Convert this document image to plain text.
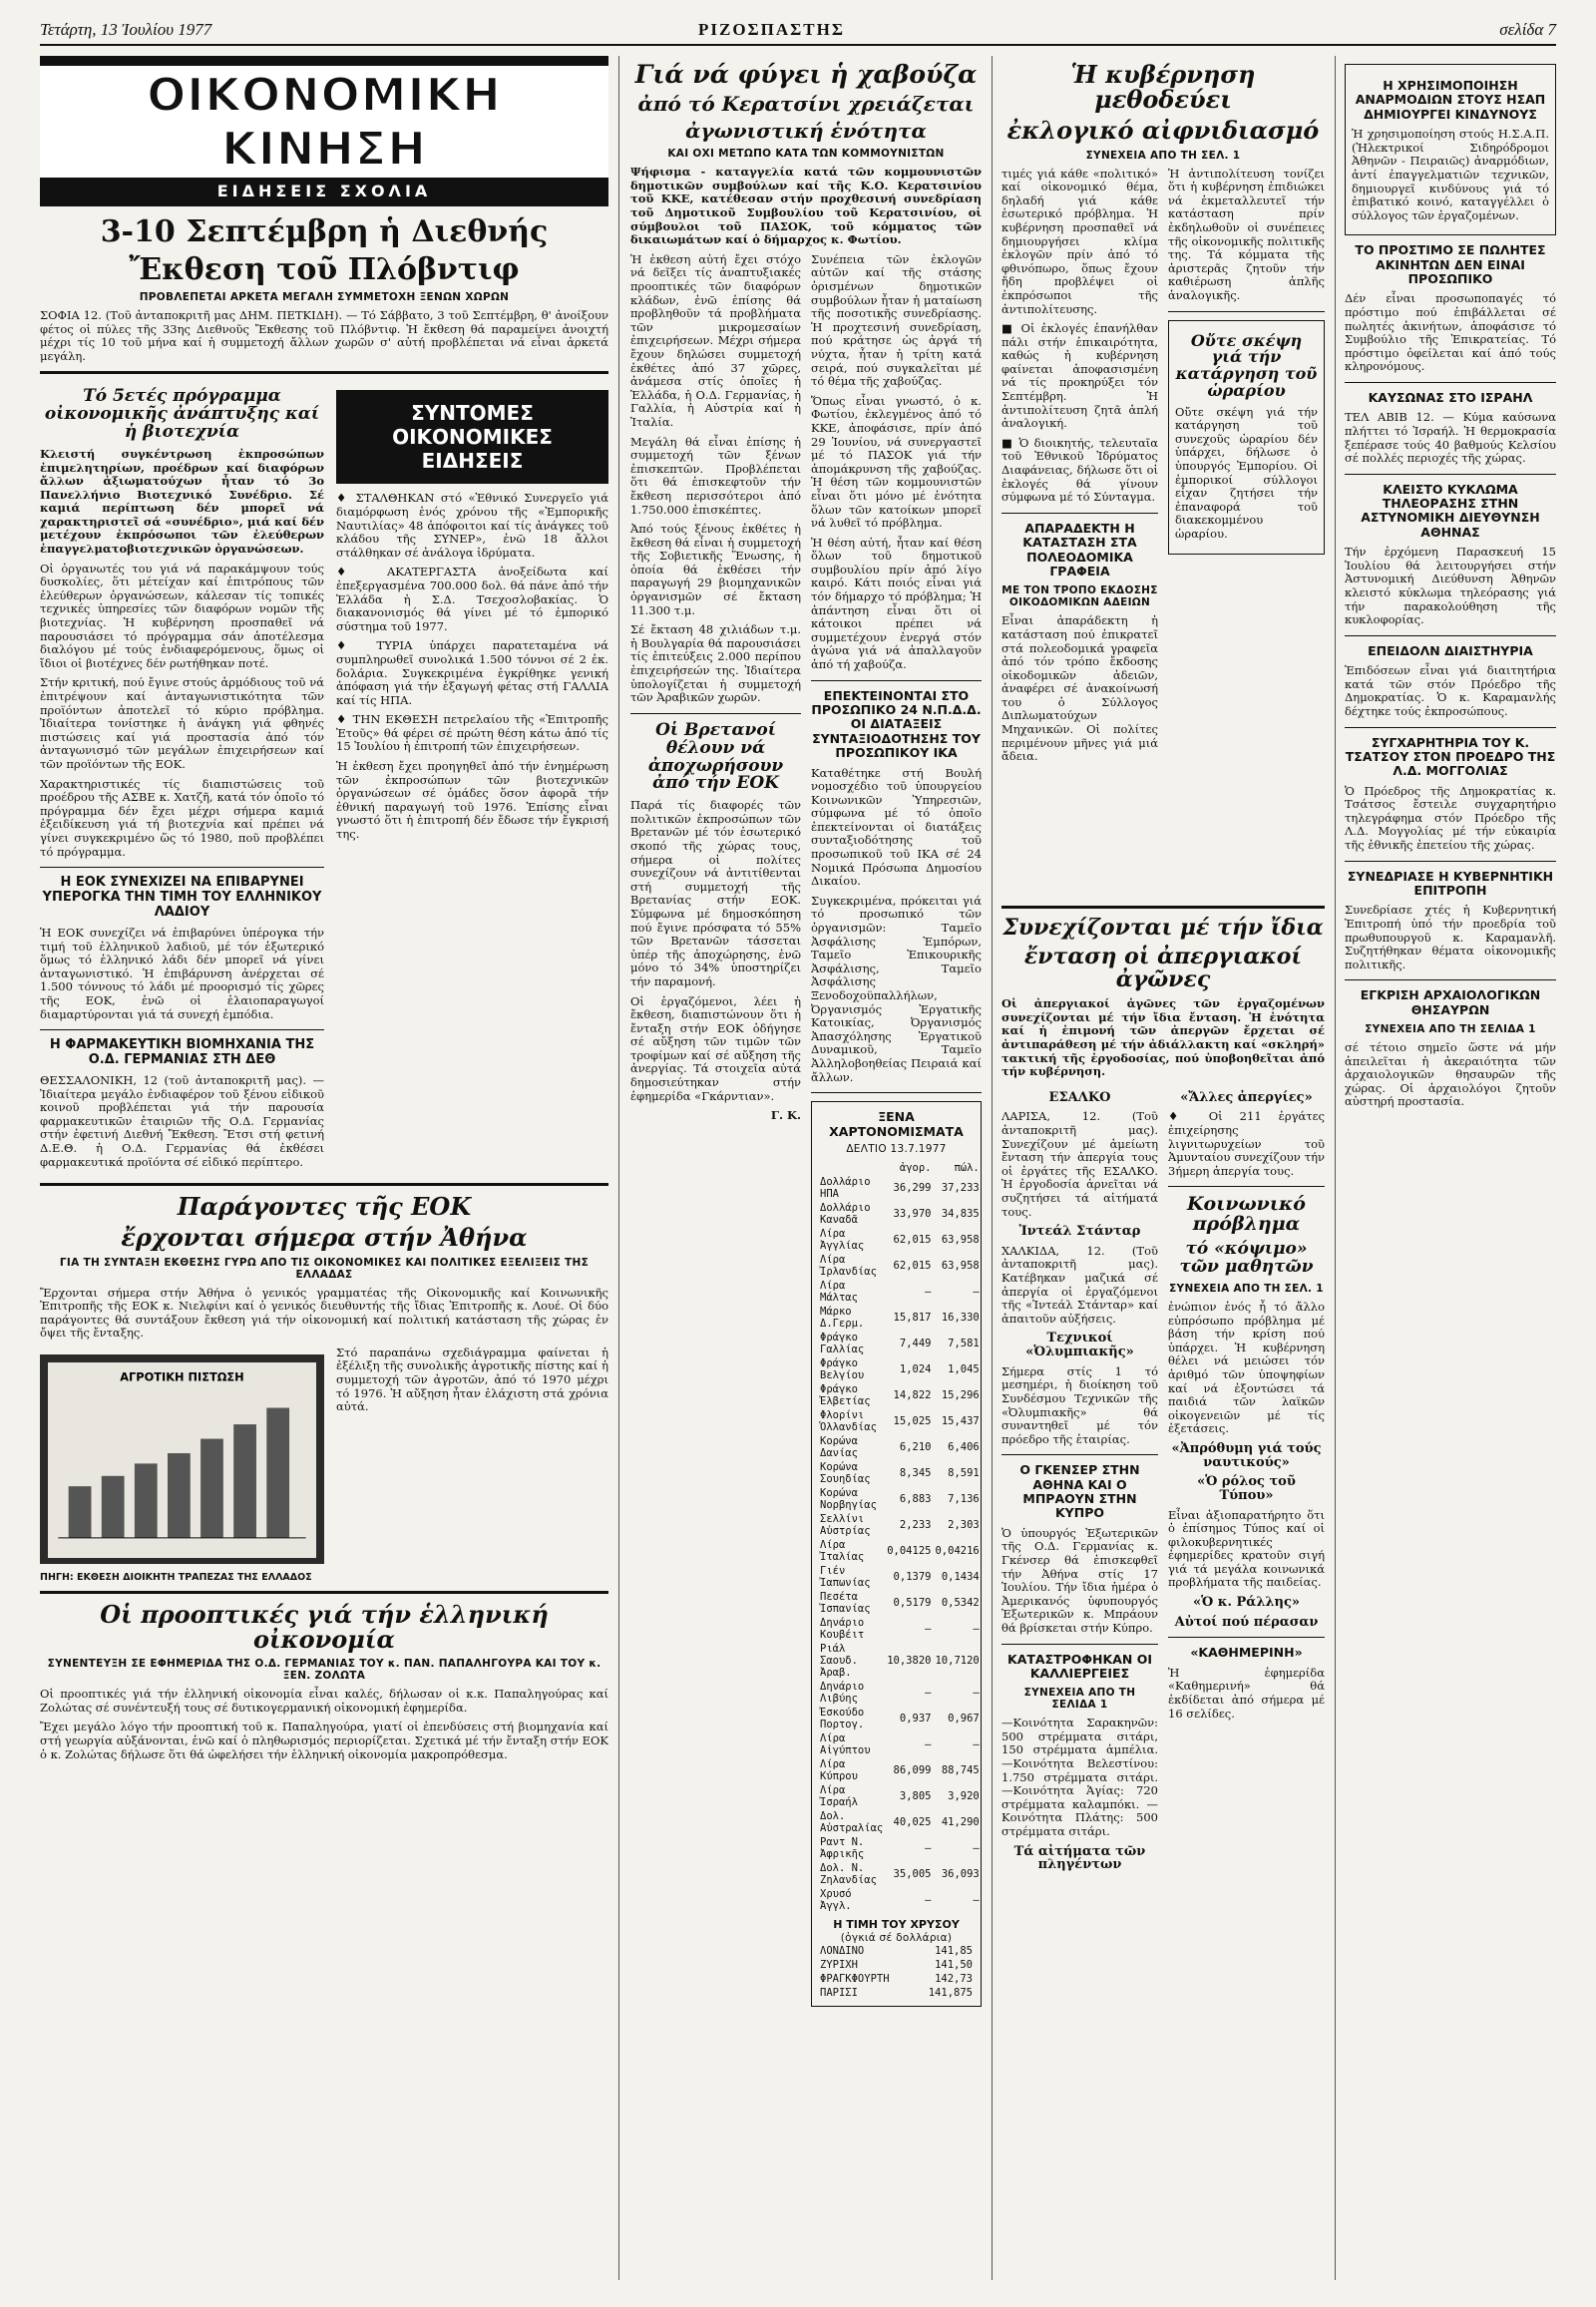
Τετάρτη, 13 Ἰουλίου 1977	ΡΙΖΟΣΠΑΣΤΗΣ	σελίδα 7
ΟΙΚΟΝΟΜΙΚΗ ΚΙΝΗΣΗ
ΕΙΔΗΣΕΙΣ ΣΧΟΛΙΑ
3-10 Σεπτέμβρη ἡ Διεθνής
Ἔκθεση τοῦ Πλόβντιφ
ΠΡΟΒΛΕΠΕΤΑΙ ΑΡΚΕΤΑ ΜΕΓΑΛΗ ΣΥΜΜΕΤΟΧΗ ΞΕΝΩΝ ΧΩΡΩΝ

ΣΟΦΙΑ 12. (Τοῦ ἀνταποκριτῆ μας ΔΗΜ. ΠΕΤΚΙΔΗ). — Τό Σάββατο, 3 τοῦ Σεπτέμβρη, θ' ἀνοίξουν φέτος οἱ πύλες τῆς 33ης Διεθνοῦς Ἔκθεσης τοῦ Πλόβντιφ. Ἡ ἔκθεση θά παραμείνει ἀνοιχτή μέχρι τίς 10 τοῦ μήνα καί ἡ συμμετοχή ἄλλων χωρῶν σ' αὐτή προβλέπεται νά εἶναι ἀρκετά μεγάλη.

Τό 5ετές πρόγραμμα οἰκονομικῆς ἀνάπτυξης καί ἡ βιοτεχνία

Κλειστή συγκέντρωση ἐκπροσώπων ἐπιμελητηρίων, προέδρων καί διαφόρων ἄλλων ἀξιωματούχων ἦταν τό 3ο Πανελλήνιο Βιοτεχνικό Συνέδριο. Σέ καμιά περίπτωση δέν μπορεῖ νά χαρακτηριστεῖ σά «συνέδριο», μιά καί δέν μετέχουν ἐκπρόσωποι τῶν ἐλεύθερων ἐπαγγελματοβιοτεχνικῶν ὀργανώσεων.

Οἱ ὀργανωτές του γιά νά παρακάμψουν τούς δυσκολίες, ὅτι μέτείχαν καί ἐπιτρόπους τῶν ἐλεύθερων ὀργανώσεων, κάλεσαν τίς τοπικές τεχνικές ὑπηρεσίες τῶν διαφόρων νομῶν τῆς βιοτεχνίας. Ἡ κυβέρνηση προσπαθεῖ νά παρουσιάσει τό πρόγραμμα σάν ἀποτέλεσμα διαλόγου μέ τούς ἐνδιαφερόμενους, ὅμως οἱ ἴδιοι οἱ βιοτέχνες δέν ρωτήθηκαν ποτέ.

Στήν κριτική, πού ἔγινε στούς ἀρμόδιους τοῦ νά ἐπιτρέψουν καί ἀνταγωνιστικότητα τῶν προϊόντων ἀποτελεῖ τό κύριο πρόβλημα. Ἰδιαίτερα τονίστηκε ἡ ἀνάγκη γιά φθηνές πιστώσεις καί γιά προστασία ἀπό τόν ἀνταγωνισμό τῶν μεγάλων ἐπιχειρήσεων καί τῶν προϊόντων τῆς ΕΟΚ.

Χαρακτηριστικές τίς διαπιστώσεις τοῦ προέδρου τῆς ΑΣΒΕ κ. Χατζῆ, κατά τόν ὁποῖο τό πρόγραμμα δέν ἔχει μέχρι σήμερα καμιά ἐξειδίκευση γιά τή βιοτεχνία καί πρέπει νά γίνει συγκεκριμένο ὥς τό 1980, ποῦ προβλέπει τό πρόγραμμα.

Η ΕΟΚ ΣΥΝΕΧΙΖΕΙ ΝΑ ΕΠΙΒΑΡΥΝΕΙ ΥΠΕΡΟΓΚΑ ΤΗΝ ΤΙΜΗ ΤΟΥ ΕΛΛΗΝΙΚΟΥ ΛΑΔΙΟΥ

Ἡ ΕΟΚ συνεχίζει νά ἐπιβαρύνει ὑπέρογκα τήν τιμή τοῦ ἐλληνικοῦ λαδιοῦ, μέ τόν ἐξωτερικό ὅμως τό ἐλληνικό λάδι δέν μπορεῖ νά γίνει ἀνταγωνιστικό. Ἡ ἐπιβάρυνση ἀνέρχεται σέ 1.500 τόννους τό λάδι μέ προορισμό τίς χῶρες τῆς ΕΟΚ, ἐνῶ οἱ ἐλαιοπαραγωγοί διαμαρτύρονται γιά τά συνεχή ἐμπόδια.

Η ΦΑΡΜΑΚΕΥΤΙΚΗ ΒΙΟΜΗΧΑΝΙΑ ΤΗΣ Ο.Δ. ΓΕΡΜΑΝΙΑΣ ΣΤΗ ΔΕΘ

ΘΕΣΣΑΛΟΝΙΚΗ, 12 (τοῦ ἀνταποκριτῆ μας). — Ἰδιαίτερα μεγάλο ἐνδιαφέρον τοῦ ξένου εἰδικοῦ κοινοῦ προβλέπεται γιά τήν παρουσία φαρμακευτικῶν ἐταιριῶν τῆς Ο.Δ. Γερμανίας στήν ἐφετινή Διεθνή Ἔκθεση. Ἔτσι στή φετινή Δ.Ε.Θ. ἡ Ο.Δ. Γερμανίας θά ἐκθέσει φαρμακευτικά προϊόντα σέ εἰδικό περίπτερο.

ΣΥΝΤΟΜΕΣ ΟΙΚΟΝΟΜΙΚΕΣ ΕΙΔΗΣΕΙΣ

♦ ΣΤΑΛΘΗΚΑΝ στό «Ἐθνικό Συνεργεῖο γιά διαμόρφωση ἑνός χρόνου τῆς «Ἐμπορικῆς Ναυτιλίας» 48 ἀπόφοιτοι καί τίς ἀνάγκες τοῦ κλάδου τῆς ΣΥΝΕΡ», ἐνῶ 18 ἄλλοι στάλθηκαν σέ ἀνάλογα ἰδρύματα.

♦ ΑΚΑΤΕΡΓΑΣΤΑ ἀνοξείδωτα καί ἐπεξεργασμένα 700.000 δολ. θά πάνε ἀπό τήν Ἑλλάδα ἡ Σ.Δ. Τσεχοσλοβακίας. Ὁ διακανονισμός θά γίνει μέ τό ἐμπορικό σύστημα τοῦ 1977.

♦ ΤΥΡΙΑ ὑπάρχει παρατεταμένα νά συμπληρωθεῖ συνολικά 1.500 τόννοι σέ 2 ἐκ. δολάρια. Συγκεκριμένα ἐγκρίθηκε γενική ἀπόφαση γιά τήν ἐξαγωγή φέτας στή ΓΑΛΛΙΑ καί τίς ΗΠΑ.

♦ ΤΗΝ ΕΚΘΕΣΗ πετρελαίου τῆς «Ἐπιτροπῆς Ἐτοῦς» θά φέρει σέ πρώτη θέση κάτω ἀπό τίς 15 Ἰουλίου ἡ ἐπιτροπή τῶν ἐπιχειρήσεων.

Ἡ ἐκθεση ἔχει προηγηθεῖ ἀπό τήν ἐνημέρωση τῶν ἐκπροσώπων τῶν βιοτεχνικῶν ὀργανώσεων σέ ὁμάδες ὅσον ἀφορᾶ τήν ἐθνική παραγωγή τοῦ 1976. Ἐπίσης εἶναι γνωστό ὅτι ἡ ἐπιτροπή δέν ἔδωσε τήν ἔγκρισή της.

Παράγοντες τῆς ΕΟΚ
ἔρχονται σήμερα στήν Ἀθήνα
ΓΙΑ ΤΗ ΣΥΝΤΑΞΗ ΕΚΘΕΣΗΣ ΓΥΡΩ ΑΠΟ ΤΙΣ ΟΙΚΟΝΟΜΙΚΕΣ ΚΑΙ ΠΟΛΙΤΙΚΕΣ ΕΞΕΛΙΞΕΙΣ ΤΗΣ ΕΛΛΑΔΑΣ

Ἔρχονται σήμερα στήν Ἀθήνα ὁ γενικός γραμματέας τῆς Οἰκονομικῆς καί Κοινωνικῆς Ἐπιτροπῆς τῆς ΕΟΚ κ. Νιελφίνι καί ὁ γενικός διευθυντής τῆς ἴδιας Ἐπιτροπῆς κ. Λουέ. Οἱ δύο παράγοντες θά συντάξουν ἔκθεση γιά τήν οἰκονομική καί πολιτική κατάσταση τῆς χώρας ἐν ὄψει τῆς ἔνταξης.

ΑΓΡΟΤΙΚΗ ΠΙΣΤΩΣΗ
ΠΗΓΗ: ΕΚΘΕΣΗ ΔΙΟΙΚΗΤΗ ΤΡΑΠΕΖΑΣ ΤΗΣ ΕΛΛΑΔΟΣ

Στό παραπάνω σχεδιάγραμμα φαίνεται ἡ ἐξέλιξη τῆς συνολικῆς ἀγροτικῆς πίστης καί ἡ συμμετοχή τῶν ἀγροτῶν, ἀπό τό 1970 μέχρι τό 1976. Ἡ αὔξηση ἦταν ἐλάχιστη στά χρόνια αὐτά.

Οἱ προοπτικές γιά τήν ἑλληνική οἰκονομία
ΣΥΝΕΝΤΕΥΞΗ ΣΕ ΕΦΗΜΕΡΙΔΑ ΤΗΣ Ο.Δ. ΓΕΡΜΑΝΙΑΣ ΤΟΥ κ. ΠΑΝ. ΠΑΠΑΛΗΓΟΥΡΑ ΚΑΙ ΤΟΥ κ. ΞΕΝ. ΖΟΛΩΤΑ

Οἱ προοπτικές γιά τήν ἑλληνική οἰκονομία εἶναι καλές, δήλωσαν οἱ κ.κ. Παπαληγούρας καί Ζολώτας σέ συνέντευξή τους σέ δυτικογερμανική οἰκονομική ἐφημερίδα.

Ἔχει μεγάλο λόγο τήν προοπτική τοῦ κ. Παπαληγούρα, γιατί οἱ ἐπενδύσεις στή βιομηχανία καί στή γεωργία αὐξάνονται, ἐνῶ καί ὁ πληθωρισμός περιορίζεται. Σχετικά μέ τήν ἔνταξη στήν ΕΟΚ ὁ κ. Ζολώτας δήλωσε ὅτι θά ὠφελήσει τήν ἑλληνική οἰκονομία μακροπρόθεσμα.

Γιά νά φύγει ἡ χαβούζα
ἀπό τό Κερατσίνι χρειάζεται
ἀγωνιστική ἑνότητα
ΚΑΙ ΟΧΙ ΜΕΤΩΠΟ ΚΑΤΑ ΤΩΝ ΚΟΜΜΟΥΝΙΣΤΩΝ

Ψήφισμα - καταγγελία κατά τῶν κομμουνιστῶν δημοτικῶν συμβούλων καί τῆς Κ.Ο. Κερατσινίου τοῦ ΚΚΕ, κατέθεσαν στήν προχθεσινή συνεδρίαση τοῦ Δημοτικοῦ Συμβουλίου τοῦ Κερατσινίου, οἱ σύμβουλοι τοῦ ΠΑΣΟΚ, τοῦ κόμματος τῶν δικαιωμάτων καί ὁ δήμαρχος κ. Φωτίου.

Ἡ ἐκθεση αὐτή ἔχει στόχο νά δεῖξει τίς ἀναπτυξιακές προοπτικές τῶν διαφόρων κλάδων, ἐνῶ ἐπίσης θά προβληθοῦν τά προβλήματα τῶν μικρομεσαίων ἐπιχειρήσεων. Μέχρι σήμερα ἔχουν δηλώσει συμμετοχή ἐκθέτες ἀπό 37 χῶρες, ἀνάμεσα στίς ὁποῖες ἡ Ἑλλάδα, ἡ Ο.Δ. Γερμανίας, ἡ Γαλλία, ἡ Αὐστρία καί ἡ Ἰταλία.

Μεγάλη θά εἶναι ἐπίσης ἡ συμμετοχή τῶν ξένων ἐπισκεπτῶν. Προβλέπεται ὅτι θά ἐπισκεφτοῦν τήν ἔκθεση περισσότεροι ἀπό 1.750.000 ἐπισκέπτες.

Ἀπό τούς ξένους ἐκθέτες ἡ ἔκθεση θά εἶναι ἡ συμμετοχή τῆς Σοβιετικῆς Ἕνωσης, ἡ ὁποία θά ἐκθέσει τήν παραγωγή 29 βιομηχανικῶν ὀργανισμῶν σέ ἔκταση 11.300 τ.μ.

Σέ ἔκταση 48 χιλιάδων τ.μ. ἡ Βουλγαρία θά παρουσιάσει τίς ἐπιτεύξεις 2.000 περίπου ἐπιχειρήσεών της. Ἰδιαίτερα ὑπολογίζεται ἡ συμμετοχή τῶν Ἀραβικῶν χωρῶν.

Οἱ Βρετανοί θέλουν νά ἀποχωρήσουν ἀπό τήν ΕΟΚ

Παρά τίς διαφορές τῶν πολιτικῶν ἐκπροσώπων τῶν Βρετανῶν μέ τόν ἐσωτερικό σκοπό τῆς χώρας τους, σήμερα οἱ πολίτες συνεχίζουν νά ἀντιτίθενται στή συμμετοχή τῆς Βρετανίας στήν ΕΟΚ. Σύμφωνα μέ δημοσκόπηση πού ἔγινε πρόσφατα τό 55% τῶν Βρετανῶν τάσσεται ὑπέρ τῆς ἀποχώρησης, ἐνῶ μόνο τό 34% ὑποστηρίζει τήν παραμονή.

Οἱ ἐργαζόμενοι, λέει ἡ ἔκθεση, διαπιστώνουν ὅτι ἡ ἔνταξη στήν ΕΟΚ ὁδήγησε σέ αὔξηση τῶν τιμῶν τῶν τροφίμων καί σέ αὔξηση τῆς ἀνεργίας. Τά στοιχεῖα αὐτά δημοσιεύτηκαν στήν ἐφημερίδα «Γκάρντιαν».

Γ. Κ.

Συνέπεια τῶν ἐκλογῶν αὐτῶν καί τῆς στάσης ὁρισμένων δημοτικῶν συμβούλων ἦταν ἡ ματαίωση τῆς ποσοτικῆς συνεδρίασης. Ἡ προχτεσινή συνεδρίαση, πού κράτησε ὡς ἀργά τή νύχτα, ἦταν ἡ τρίτη κατά σειρά, πού συγκαλεῖται μέ τό θέμα τῆς χαβούζας.

Ὅπως εἶναι γνωστό, ὁ κ. Φωτίου, ἐκλεγμένος ἀπό τό ΚΚΕ, ἀποφάσισε, πρίν ἀπό 29 Ἰουνίου, νά συνεργαστεῖ μέ τό ΠΑΣΟΚ γιά τήν ἀπομάκρυνση τῆς χαβούζας. Ἡ θέση τῶν κομμουνιστῶν εἶναι ὅτι μόνο μέ ἑνότητα ὅλων τῶν κατοίκων μπορεῖ νά λυθεῖ τό πρόβλημα.

Ἡ θέση αὐτή, ἦταν καί θέση ὅλων τοῦ δημοτικοῦ συμβουλίου πρίν ἀπό λίγο καιρό. Κάτι ποιός εἶναι γιά τόν δήμαρχο τό πρόβλημα; Ἡ ἀπάντηση εἶναι ὅτι οἱ κάτοικοι πρέπει νά συμμετέχουν ἐνεργά στόν ἀγώνα γιά νά ἀπαλλαγοῦν ἀπό τή χαβούζα.

ΕΠΕΚΤΕΙΝΟΝΤΑΙ ΣΤΟ ΠΡΟΣΩΠΙΚΟ 24 Ν.Π.Δ.Δ. ΟΙ ΔΙΑΤΑΞΕΙΣ ΣΥΝΤΑΞΙΟΔΟΤΗΣΗΣ ΤΟΥ ΠΡΟΣΩΠΙΚΟΥ ΙΚΑ

Καταθέτηκε στή Βουλή νομοσχέδιο τοῦ ὑπουργείου Κοινωνικῶν Ὑπηρεσιῶν, σύμφωνα μέ τό ὁποῖο ἐπεκτείνονται οἱ διατάξεις συνταξιοδότησης τοῦ προσωπικοῦ τοῦ ΙΚΑ σέ 24 Νομικά Πρόσωπα Δημοσίου Δικαίου.

Συγκεκριμένα, πρόκειται γιά τό προσωπικό τῶν ὀργανισμῶν: Ταμεῖο Ἀσφάλισης Ἐμπόρων, Ταμεῖο Ἐπικουρικῆς Ἀσφάλισης, Ταμεῖο Ἀσφάλισης Ξενοδοχοϋπαλλήλων, Ὀργανισμός Ἐργατικῆς Κατοικίας, Ὀργανισμός Ἀπασχόλησης Ἐργατικοῦ Δυναμικοῦ, Ταμεῖο Ἀλληλοβοηθείας Πειραιά καί ἄλλων.

ΞΕΝΑ ΧΑΡΤΟΝΟΜΙΣΜΑΤΑ
ΔΕΛΤΙΟ 13.7.1977
	ἀγορ.	πώλ.
Δολλάριο ΗΠΑ	36,299	37,233
Δολλάριο Καναδᾶ	33,970	34,835
Λίρα Ἀγγλίας	62,015	63,958
Λίρα Ἰρλανδίας	62,015	63,958
Λίρα Μάλτας	—	—
Μάρκο Δ.Γερμ.	15,817	16,330
Φράγκο Γαλλίας	7,449	7,581
Φράγκο Βελγίου	1,024	1,045
Φράγκο Ἑλβετίας	14,822	15,296
Φλορίνι Ὁλλανδίας	15,025	15,437
Κορώνα Δανίας	6,210	6,406
Κορώνα Σουηδίας	8,345	8,591
Κορώνα Νορβηγίας	6,883	7,136
Σελλίνι Αὐστρίας	2,233	2,303
Λίρα Ἰταλίας	0,04125	0,04216
Γιέν Ἰαπωνίας	0,1379	0,1434
Πεσέτα Ἱσπανίας	0,5179	0,5342
Δηνάριο Κουβέιτ	—	—
Ριάλ Σαουδ. Ἀραβ.	10,3820	10,7120
Δηνάριο Λιβύης	—	—
Ἐσκούδο Πορτογ.	0,937	0,967
Λίρα Αἰγύπτου	—	—
Λίρα Κύπρου	86,099	88,745
Λίρα Ἰσραήλ	3,805	3,920
Δολ. Αὐστραλίας	40,025	41,290
Ραντ Ν. Ἀφρικῆς	—	—
Δολ. Ν. Ζηλανδίας	35,005	36,093
Χρυσό Ἀγγλ.	—	—
Η ΤΙΜΗ ΤΟΥ ΧΡΥΣΟΥ
(ὀγκιά σέ δολλάρια)
ΛΟΝΔΙΝΟ	141,85
ΖΥΡΙΧΗ	141,50
ΦΡΑΓΚΦΟΥΡΤΗ	142,73
ΠΑΡΙΣΙ	141,875
Ἡ κυβέρνηση μεθοδεύει
ἐκλογικό αἰφνιδιασμό
ΣΥΝΕΧΕΙΑ ΑΠΟ ΤΗ ΣΕΛ. 1

τιμές γιά κάθε «πολιτικό» καί οἰκονομικό θέμα, δηλαδή γιά κάθε ἐσωτερικό πρόβλημα. Ἡ κυβέρνηση προσπαθεῖ νά δημιουργήσει κλίμα ἐκλογῶν πρίν ἀπό τό φθινόπωρο, ὅπως ἔχουν ἤδη προβλέψει οἱ ἐκπρόσωποι τῆς ἀντιπολίτευσης.

■ Οἱ ἐκλογές ἐπανήλθαν πάλι στήν ἐπικαιρότητα, καθώς ἡ κυβέρνηση φαίνεται ἀποφασισμένη νά τίς προκηρύξει τόν Σεπτέμβρη. Ἡ ἀντιπολίτευση ζητᾶ ἁπλή ἀναλογική.

■ Ὁ διοικητής, τελευταῖα τοῦ Ἐθνικοῦ Ἰδρύματος Διαφάνειας, δήλωσε ὅτι οἱ ἐκλογές θά γίνουν σύμφωνα μέ τό Σύνταγμα.

ΑΠΑΡΑΔΕΚΤΗ Η ΚΑΤΑΣΤΑΣΗ ΣΤΑ ΠΟΛΕΟΔΟΜΙΚΑ ΓΡΑΦΕΙΑ
ΜΕ ΤΟΝ ΤΡΟΠΟ ΕΚΔΟΣΗΣ ΟΙΚΟΔΟΜΙΚΩΝ ΑΔΕΙΩΝ

Εἶναι ἀπαράδεκτη ἡ κατάσταση πού ἐπικρατεῖ στά πολεοδομικά γραφεῖα ἀπό τόν τρόπο ἔκδοσης οἰκοδομικῶν ἀδειῶν, ἀναφέρει σέ ἀνακοίνωσή του ὁ Σύλλογος Διπλωματούχων Μηχανικῶν. Οἱ πολίτες περιμένουν μῆνες γιά μιά ἄδεια.

Ἡ ἀντιπολίτευση τονίζει ὅτι ἡ κυβέρνηση ἐπιδιώκει νά ἐκμεταλλευτεῖ τήν κατάσταση πρίν ἐκδηλωθοῦν οἱ συνέπειες τῆς οἰκονομικῆς πολιτικῆς της. Τά κόμματα τῆς ἀριστερᾶς ζητοῦν τήν καθιέρωση ἁπλῆς ἀναλογικῆς.

Οὔτε σκέψη γιά τήν κατάργηση τοῦ ὡραρίου

Οὔτε σκέψη γιά τήν κατάργηση τοῦ συνεχοῦς ὡραρίου δέν ὑπάρχει, δήλωσε ὁ ὑπουργός Ἐμπορίου. Οἱ ἐμπορικοί σύλλογοι εἶχαν ζητήσει τήν ἐπαναφορά τοῦ διακεκομμένου ὡραρίου.

Η ΧΡΗΣΙΜΟΠΟΙΗΣΗ ΑΝΑΡΜΟΔΙΩΝ ΣΤΟΥΣ ΗΣΑΠ ΔΗΜΙΟΥΡΓΕΙ ΚΙΝΔΥΝΟΥΣ

Ἡ χρησιμοποίηση στούς Η.Σ.Α.Π. (Ἠλεκτρικοί Σιδηρόδρομοι Ἀθηνῶν - Πειραιῶς) ἀναρμόδιων, ἀντί ἐπαγγελματιῶν τεχνικῶν, δημιουργεῖ κινδύνους γιά τό ἐπιβατικό κοινό, καταγγέλλει ὁ σύλλογος τῶν ἐργαζομένων.

ΤΟ ΠΡΟΣΤΙΜΟ ΣΕ ΠΩΛΗΤΕΣ ΑΚΙΝΗΤΩΝ ΔΕΝ ΕΙΝΑΙ ΠΡΟΣΩΠΙΚΟ

Δέν εἶναι προσωποπαγές τό πρόστιμο πού ἐπιβάλλεται σέ πωλητές ἀκινήτων, ἀποφάσισε τό Συμβούλιο τῆς Ἐπικρατείας. Τό πρόστιμο ὀφείλεται καί ἀπό τούς κληρονόμους.

ΚΑΥΣΩΝΑΣ ΣΤΟ ΙΣΡΑΗΛ

ΤΕΛ ΑΒΙΒ 12. — Κύμα καύσωνα πλήττει τό Ἰσραήλ. Ἡ θερμοκρασία ξεπέρασε τούς 40 βαθμούς Κελσίου σέ πολλές περιοχές τῆς χώρας.

ΚΛΕΙΣΤΟ ΚΥΚΛΩΜΑ ΤΗΛΕΟΡΑΣΗΣ ΣΤΗΝ ΑΣΤΥΝΟΜΙΚΗ ΔΙΕΥΘΥΝΣΗ ΑΘΗΝΑΣ

Τήν ἐρχόμενη Παρασκευή 15 Ἰουλίου θά λειτουργήσει στήν Ἀστυνομική Διεύθυνση Ἀθηνῶν κλειστό κύκλωμα τηλεόρασης γιά τήν παρακολούθηση τῆς κυκλοφορίας.

ΕΠΕΙΔΟΛΝ ΔΙΑΙΣΤΗΥΡΙΑ

Ἐπιδόσεων εἶναι γιά διαιτητήρια κατά τῶν στόν Πρόεδρο τῆς Δημοκρατίας. Ὁ κ. Καραμανλής δέχτηκε τούς ἐκπροσώπους.

ΣΥΓΧΑΡΗΤΗΡΙΑ ΤΟΥ Κ. ΤΣΑΤΣΟΥ ΣΤΟΝ ΠΡΟΕΔΡΟ ΤΗΣ Λ.Δ. ΜΟΓΓΟΛΙΑΣ

Ὁ Πρόεδρος τῆς Δημοκρατίας κ. Τσάτσος ἔστειλε συγχαρητήριο τηλεγράφημα στόν Πρόεδρο τῆς Λ.Δ. Μογγολίας μέ τήν εὐκαιρία τῆς ἐθνικῆς ἐπετείου τῆς χώρας.

ΣΥΝΕΔΡΙΑΣΕ Η ΚΥΒΕΡΝΗΤΙΚΗ ΕΠΙΤΡΟΠΗ

Συνεδρίασε χτές ἡ Κυβερνητική Ἐπιτροπή ὑπό τήν προεδρία τοῦ πρωθυπουργοῦ κ. Καραμανλῆ. Συζητήθηκαν θέματα οἰκονομικῆς πολιτικῆς.

ΕΓΚΡΙΣΗ ΑΡΧΑΙΟΛΟΓΙΚΩΝ ΘΗΣΑΥΡΩΝ
ΣΥΝΕΧΕΙΑ ΑΠΟ ΤΗ ΣΕΛΙΔΑ 1

σέ τέτοιο σημεῖο ὥστε νά μήν ἀπειλεῖται ἡ ἀκεραιότητα τῶν ἀρχαιολογικῶν θησαυρῶν τῆς χώρας. Οἱ ἀρχαιολόγοι ζητοῦν αὐστηρή προστασία.

Συνεχίζονται μέ τήν ἴδια
ἔνταση οἱ ἀπεργιακοί ἀγῶνες

Οἱ ἀπεργιακοί ἀγῶνες τῶν ἐργαζομένων συνεχίζονται μέ τήν ἴδια ἔνταση. Ἡ ἐνότητα καί ἡ ἐπιμονή τῶν ἀπεργῶν ἔρχεται σέ ἀντιπαράθεση μέ τήν ἀδιάλλακτη καί «σκληρή» τακτική τῆς ἐργοδοσίας, πού ὑποβοηθεῖται ἀπό τήν κυβέρνηση.

ΕΣΑΛΚΟ

ΛΑΡΙΣΑ, 12. (Τοῦ ἀνταποκριτῆ μας). Συνεχίζουν μέ ἀμείωτη ἔνταση τήν ἀπεργία τους οἱ ἐργάτες τῆς ΕΣΑΛΚΟ. Ἡ ἐργοδοσία ἀρνεῖται νά συζητήσει τά αἰτήματά τους.

Ἰντεάλ Στάνταρ

ΧΑΛΚΙΔΑ, 12. (Τοῦ ἀνταποκριτῆ μας). Κατέβηκαν μαζικά σέ ἀπεργία οἱ ἐργαζόμενοι τῆς «Ἰντεάλ Στάνταρ» καί ἀπαιτοῦν αὐξήσεις.

Τεχνικοί «Ὀλυμπιακῆς»

Σήμερα στίς 1 τό μεσημέρι, ἡ διοίκηση τοῦ Συνδέσμου Τεχνικῶν τῆς «Ὀλυμπιακῆς» θά συναντηθεῖ μέ τόν πρόεδρο τῆς ἑταιρίας.

Ο ΓΚΕΝΣΕΡ ΣΤΗΝ ΑΘΗΝΑ ΚΑΙ Ο ΜΠΡΑΟΥΝ ΣΤΗΝ ΚΥΠΡΟ

Ὁ ὑπουργός Ἐξωτερικῶν τῆς Ο.Δ. Γερμανίας κ. Γκένσερ θά ἐπισκεφθεῖ τήν Ἀθήνα στίς 17 Ἰουλίου. Τήν ἴδια ἡμέρα ὁ Ἀμερικανός ὑφυπουργός Ἐξωτερικῶν κ. Μπράουν θά βρίσκεται στήν Κύπρο.

ΚΑΤΑΣΤΡΟΦΗΚΑΝ ΟΙ ΚΑΛΛΙΕΡΓΕΙΕΣ
ΣΥΝΕΧΕΙΑ ΑΠΟ ΤΗ ΣΕΛΙΔΑ 1

—Κοινότητα Σαρακηνῶν: 500 στρέμματα σιτάρι, 150 στρέμματα ἀμπέλια. —Κοινότητα Βελεστίνου: 1.750 στρέμματα σιτάρι. —Κοινότητα Ἁγίας: 720 στρέμματα καλαμπόκι. —Κοινότητα Πλάτης: 500 στρέμματα σιτάρι.

Τά αἰτήματα τῶν πληγέντων
«Ἄλλες ἀπεργίες»

♦ Οἱ 211 ἐργάτες ἐπιχείρησης λιγνιτωρυχείων τοῦ Ἀμυνταίου συνεχίζουν τήν 3ήμερη ἀπεργία τους.

Κοινωνικό πρόβλημα
τό «κόψιμο» τῶν μαθητῶν
ΣΥΝΕΧΕΙΑ ΑΠΟ ΤΗ ΣΕΛ. 1

ἐνώπιον ἑνός ἦ τό ἄλλο εὐπρόσωπο πρόβλημα μέ βάση τήν κρίση πού ὑπάρχει. Ἡ κυβέρνηση θέλει νά μειώσει τόν ἀριθμό τῶν ὑποψηφίων καί νά ἐξοντώσει τά παιδιά τῶν λαϊκῶν οἰκογενειῶν μέ τίς ἐξετάσεις.

«Ἀπρόθυμη γιά τούς ναυτικούς»
«Ὁ ρόλος τοῦ Τύπου»

Εἶναι ἀξιοπαρατήρητο ὅτι ὁ ἐπίσημος Τύπος καί οἱ φιλοκυβερνητικές ἐφημερίδες κρατοῦν σιγή γιά τά μεγάλα κοινωνικά προβλήματα τῆς παιδείας.

«Ὁ κ. Ράλλης»
Αὐτοί πού πέρασαν
«ΚΑΘΗΜΕΡΙΝΗ»

Ἡ ἐφημερίδα «Καθημερινή» θά ἐκδίδεται ἀπό σήμερα μέ 16 σελίδες.
